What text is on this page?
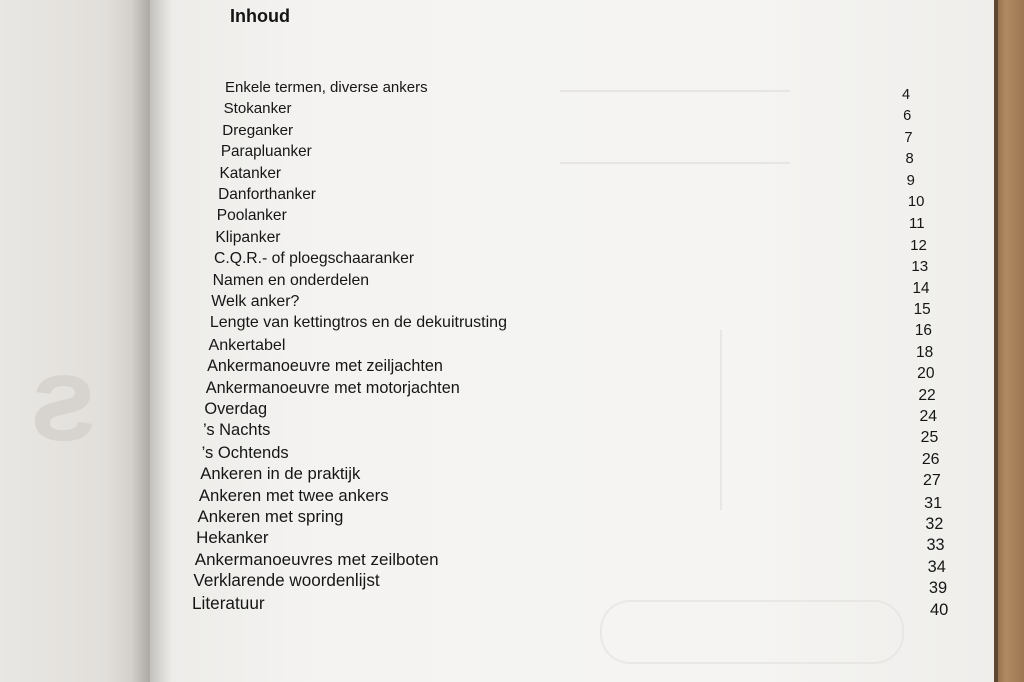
ƨ
Inhoud
Enkele termen, diverse ankers	4
Stokanker	6
Dreganker	7
Parapluanker	8
Katanker	9
Danforthanker	10
Poolanker	11
Klipanker	12
C.Q.R.- of ploegschaaranker	13
Namen en onderdelen	14
Welk anker?	15
Lengte van kettingtros en de dekuitrusting	16
Ankertabel	18
Ankermanoeuvre met zeiljachten	20
Ankermanoeuvre met motorjachten	22
Overdag	24
’s Nachts	25
’s Ochtends	26
Ankeren in de praktijk	27
Ankeren met twee ankers	31
Ankeren met spring	32
Hekanker	33
Ankermanoeuvres met zeilboten	34
Verklarende woordenlijst	39
Literatuur	40
